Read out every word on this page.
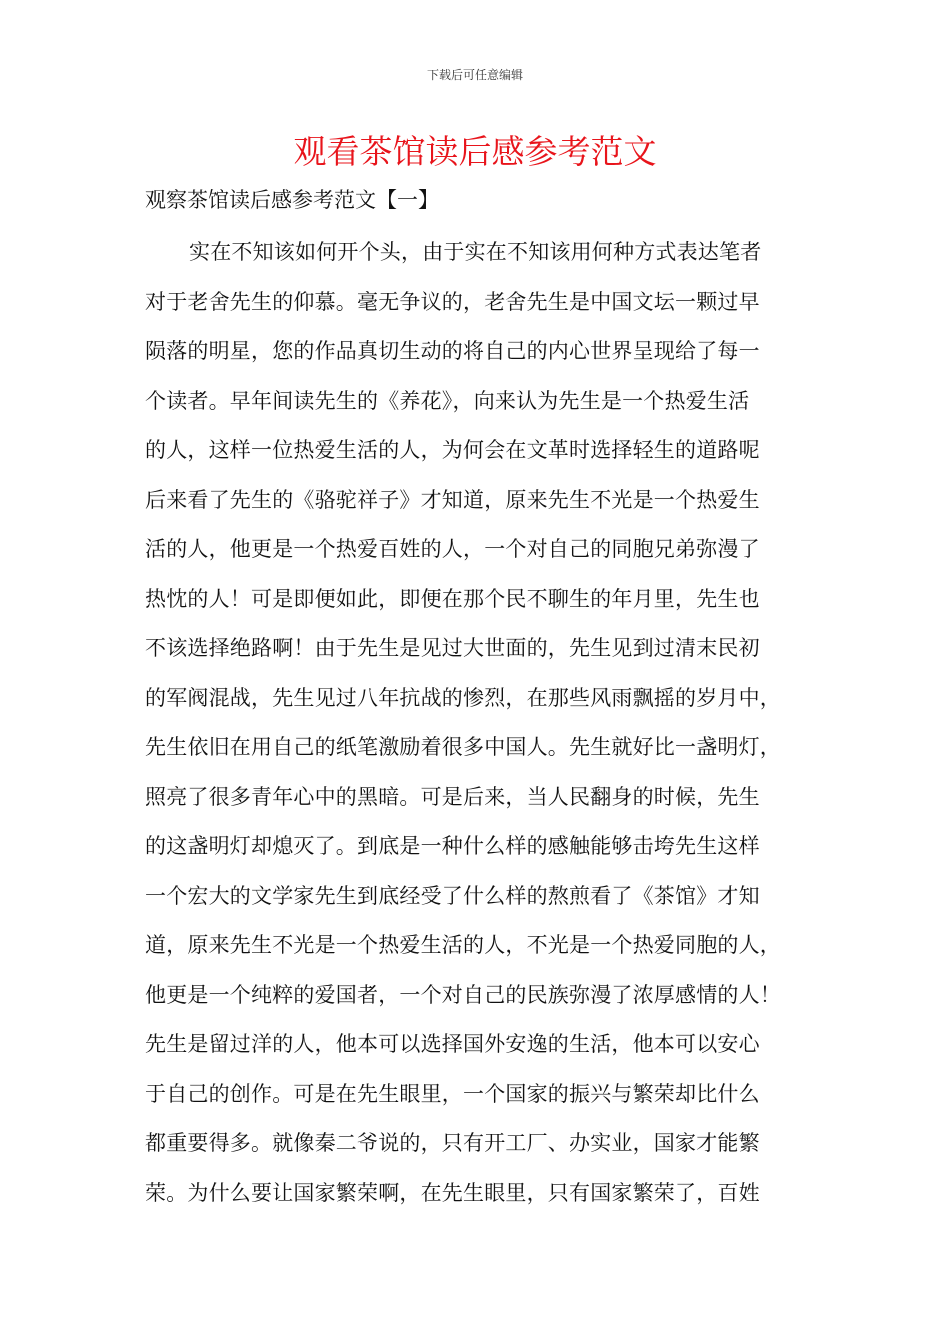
下载后可任意编辑
观看茶馆读后感参考范文
观察茶馆读后感参考范文【一】
实在不知该如何开个头，由于实在不知该用何种方式表达笔者
对于老舍先生的仰慕。毫无争议的，老舍先生是中国文坛一颗过早
陨落的明星，您的作品真切生动的将自己的内心世界呈现给了每一
个读者。早年间读先生的《养花》，向来认为先生是一个热爱生活
的人，这样一位热爱生活的人，为何会在文革时选择轻生的道路呢
后来看了先生的《骆驼祥子》才知道，原来先生不光是一个热爱生
活的人，他更是一个热爱百姓的人，一个对自己的同胞兄弟弥漫了
热忱的人！可是即便如此，即便在那个民不聊生的年月里，先生也
不该选择绝路啊！由于先生是见过大世面的，先生见到过清末民初
的军阀混战，先生见过八年抗战的惨烈，在那些风雨飘摇的岁月中，
先生依旧在用自己的纸笔激励着很多中国人。先生就好比一盏明灯，
照亮了很多青年心中的黑暗。可是后来，当人民翻身的时候，先生
的这盏明灯却熄灭了。到底是一种什么样的感触能够击垮先生这样
一个宏大的文学家先生到底经受了什么样的熬煎看了《茶馆》才知
道，原来先生不光是一个热爱生活的人，不光是一个热爱同胞的人，
他更是一个纯粹的爱国者，一个对自己的民族弥漫了浓厚感情的人！
先生是留过洋的人，他本可以选择国外安逸的生活，他本可以安心
于自己的创作。可是在先生眼里，一个国家的振兴与繁荣却比什么
都重要得多。就像秦二爷说的，只有开工厂、办实业，国家才能繁
荣。为什么要让国家繁荣啊，在先生眼里，只有国家繁荣了，百姓
